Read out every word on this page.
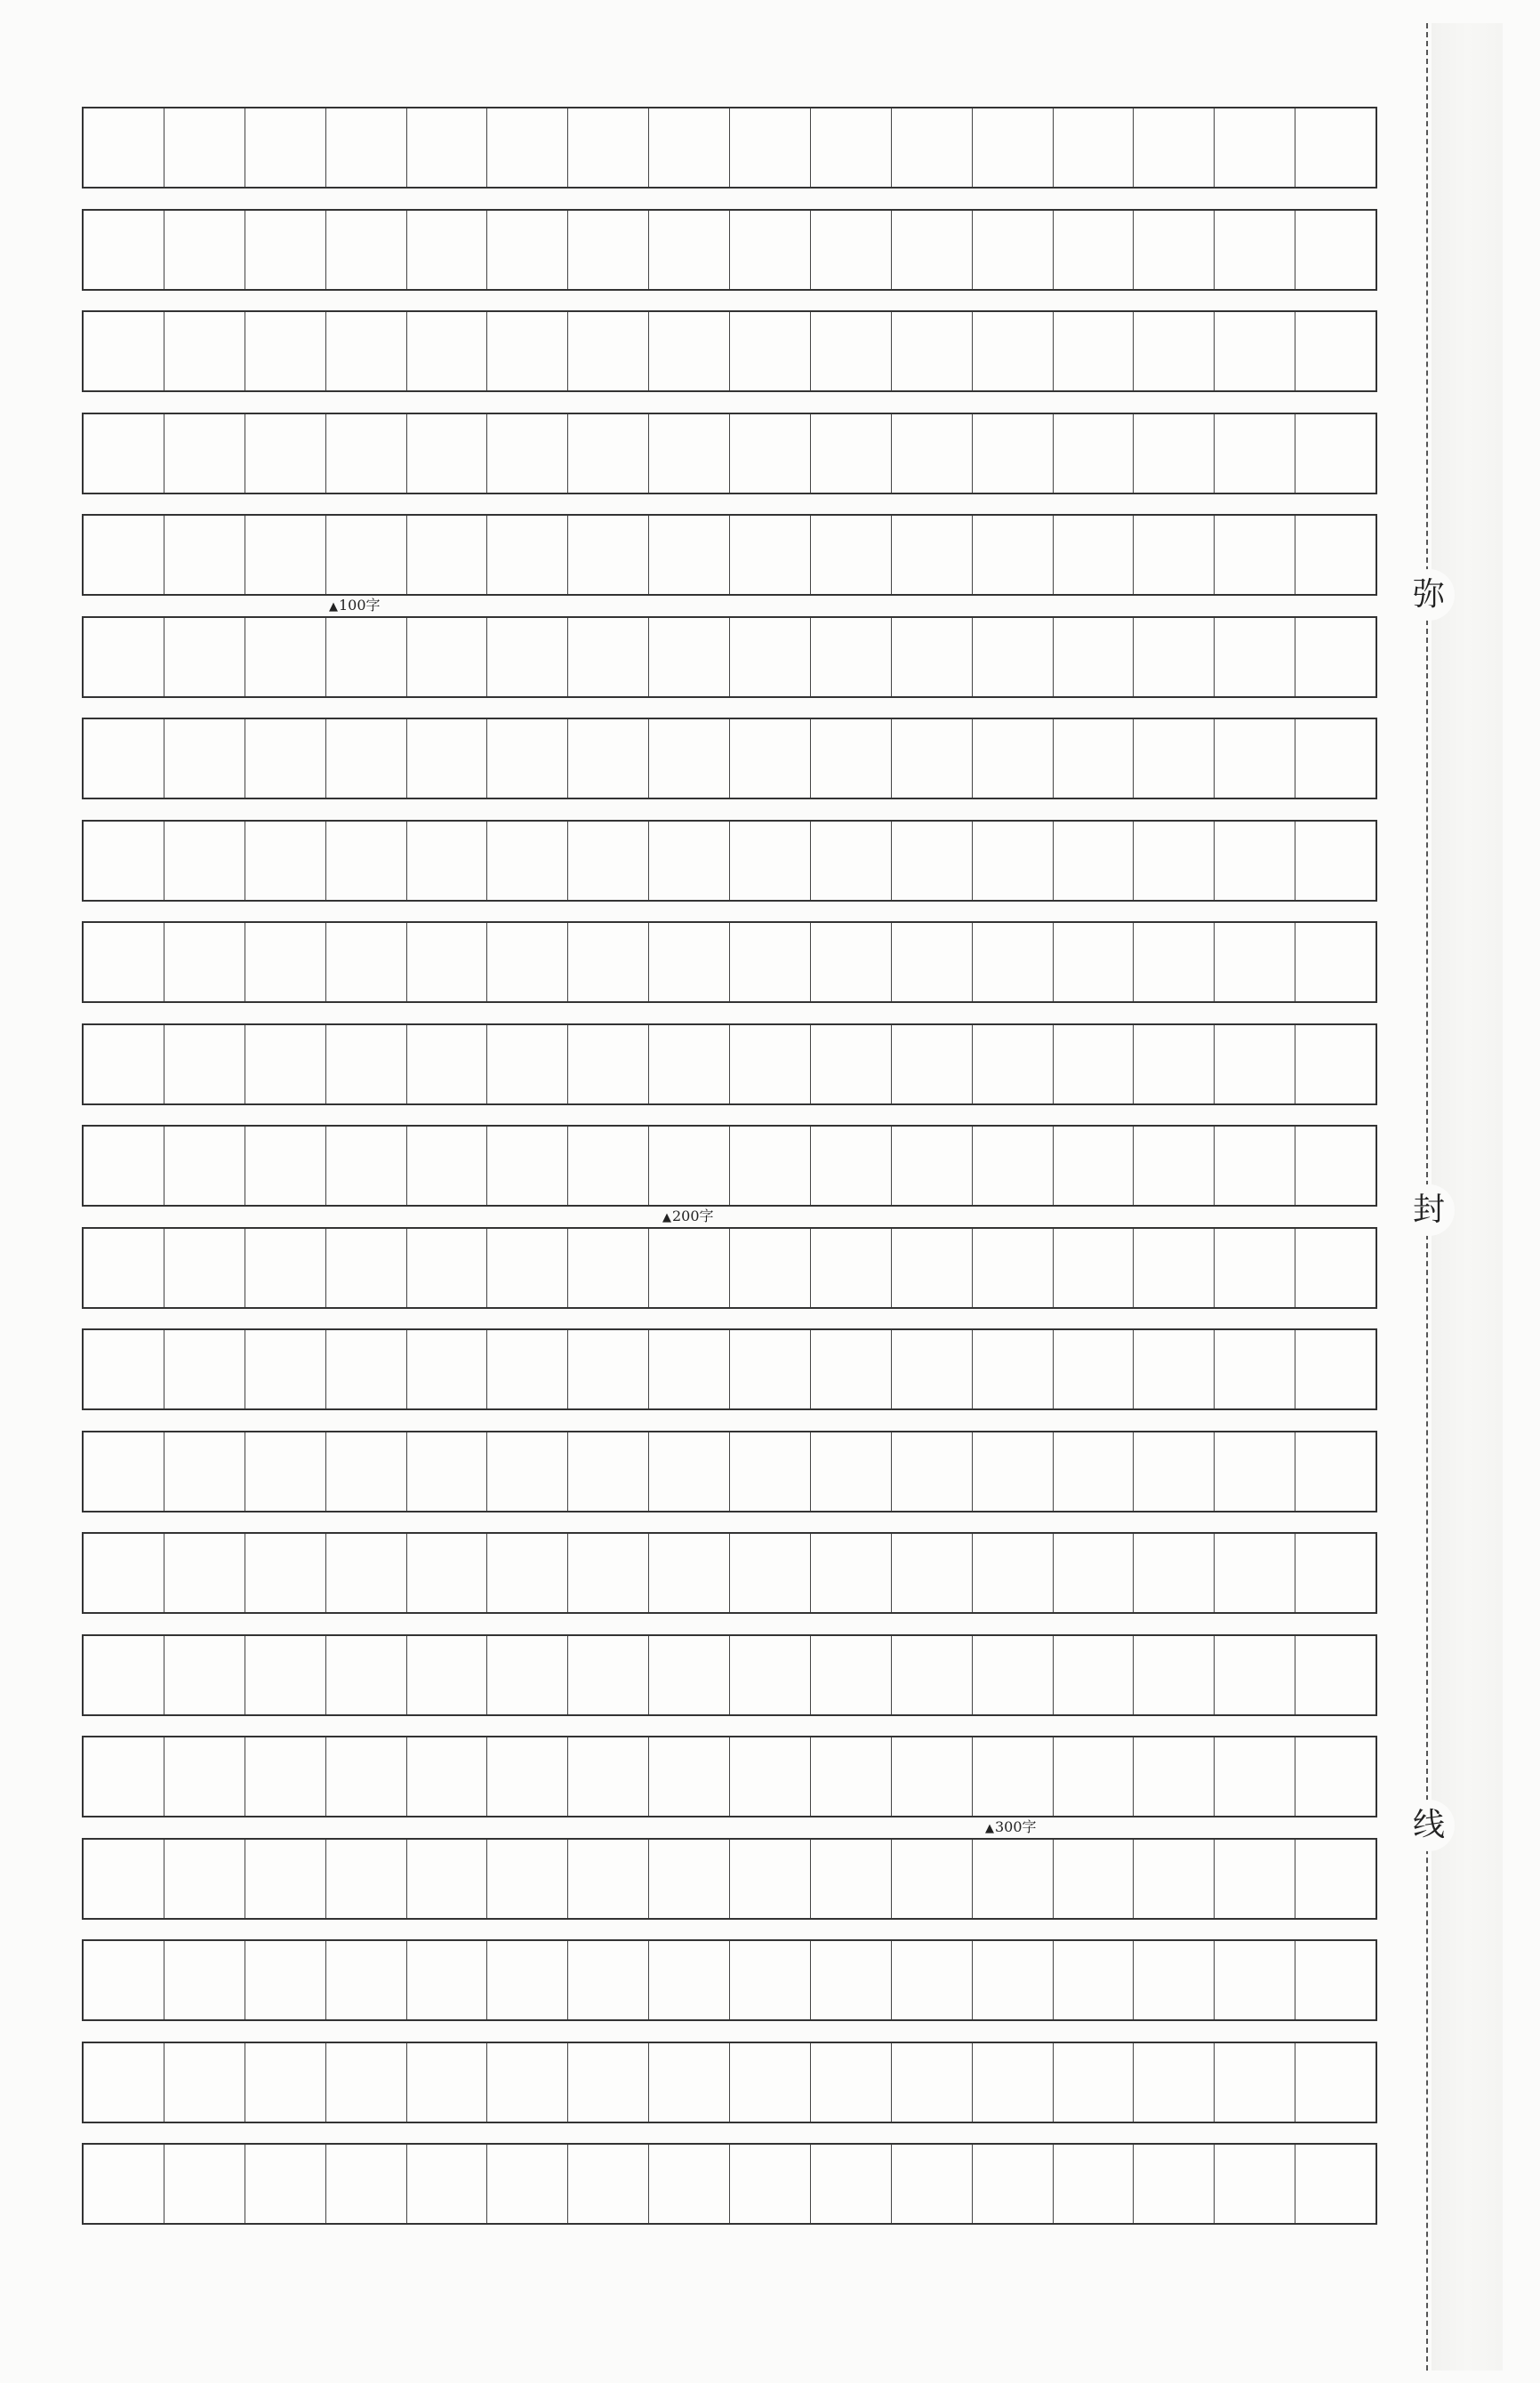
▲100字
▲200字
▲300字
弥
封
线
